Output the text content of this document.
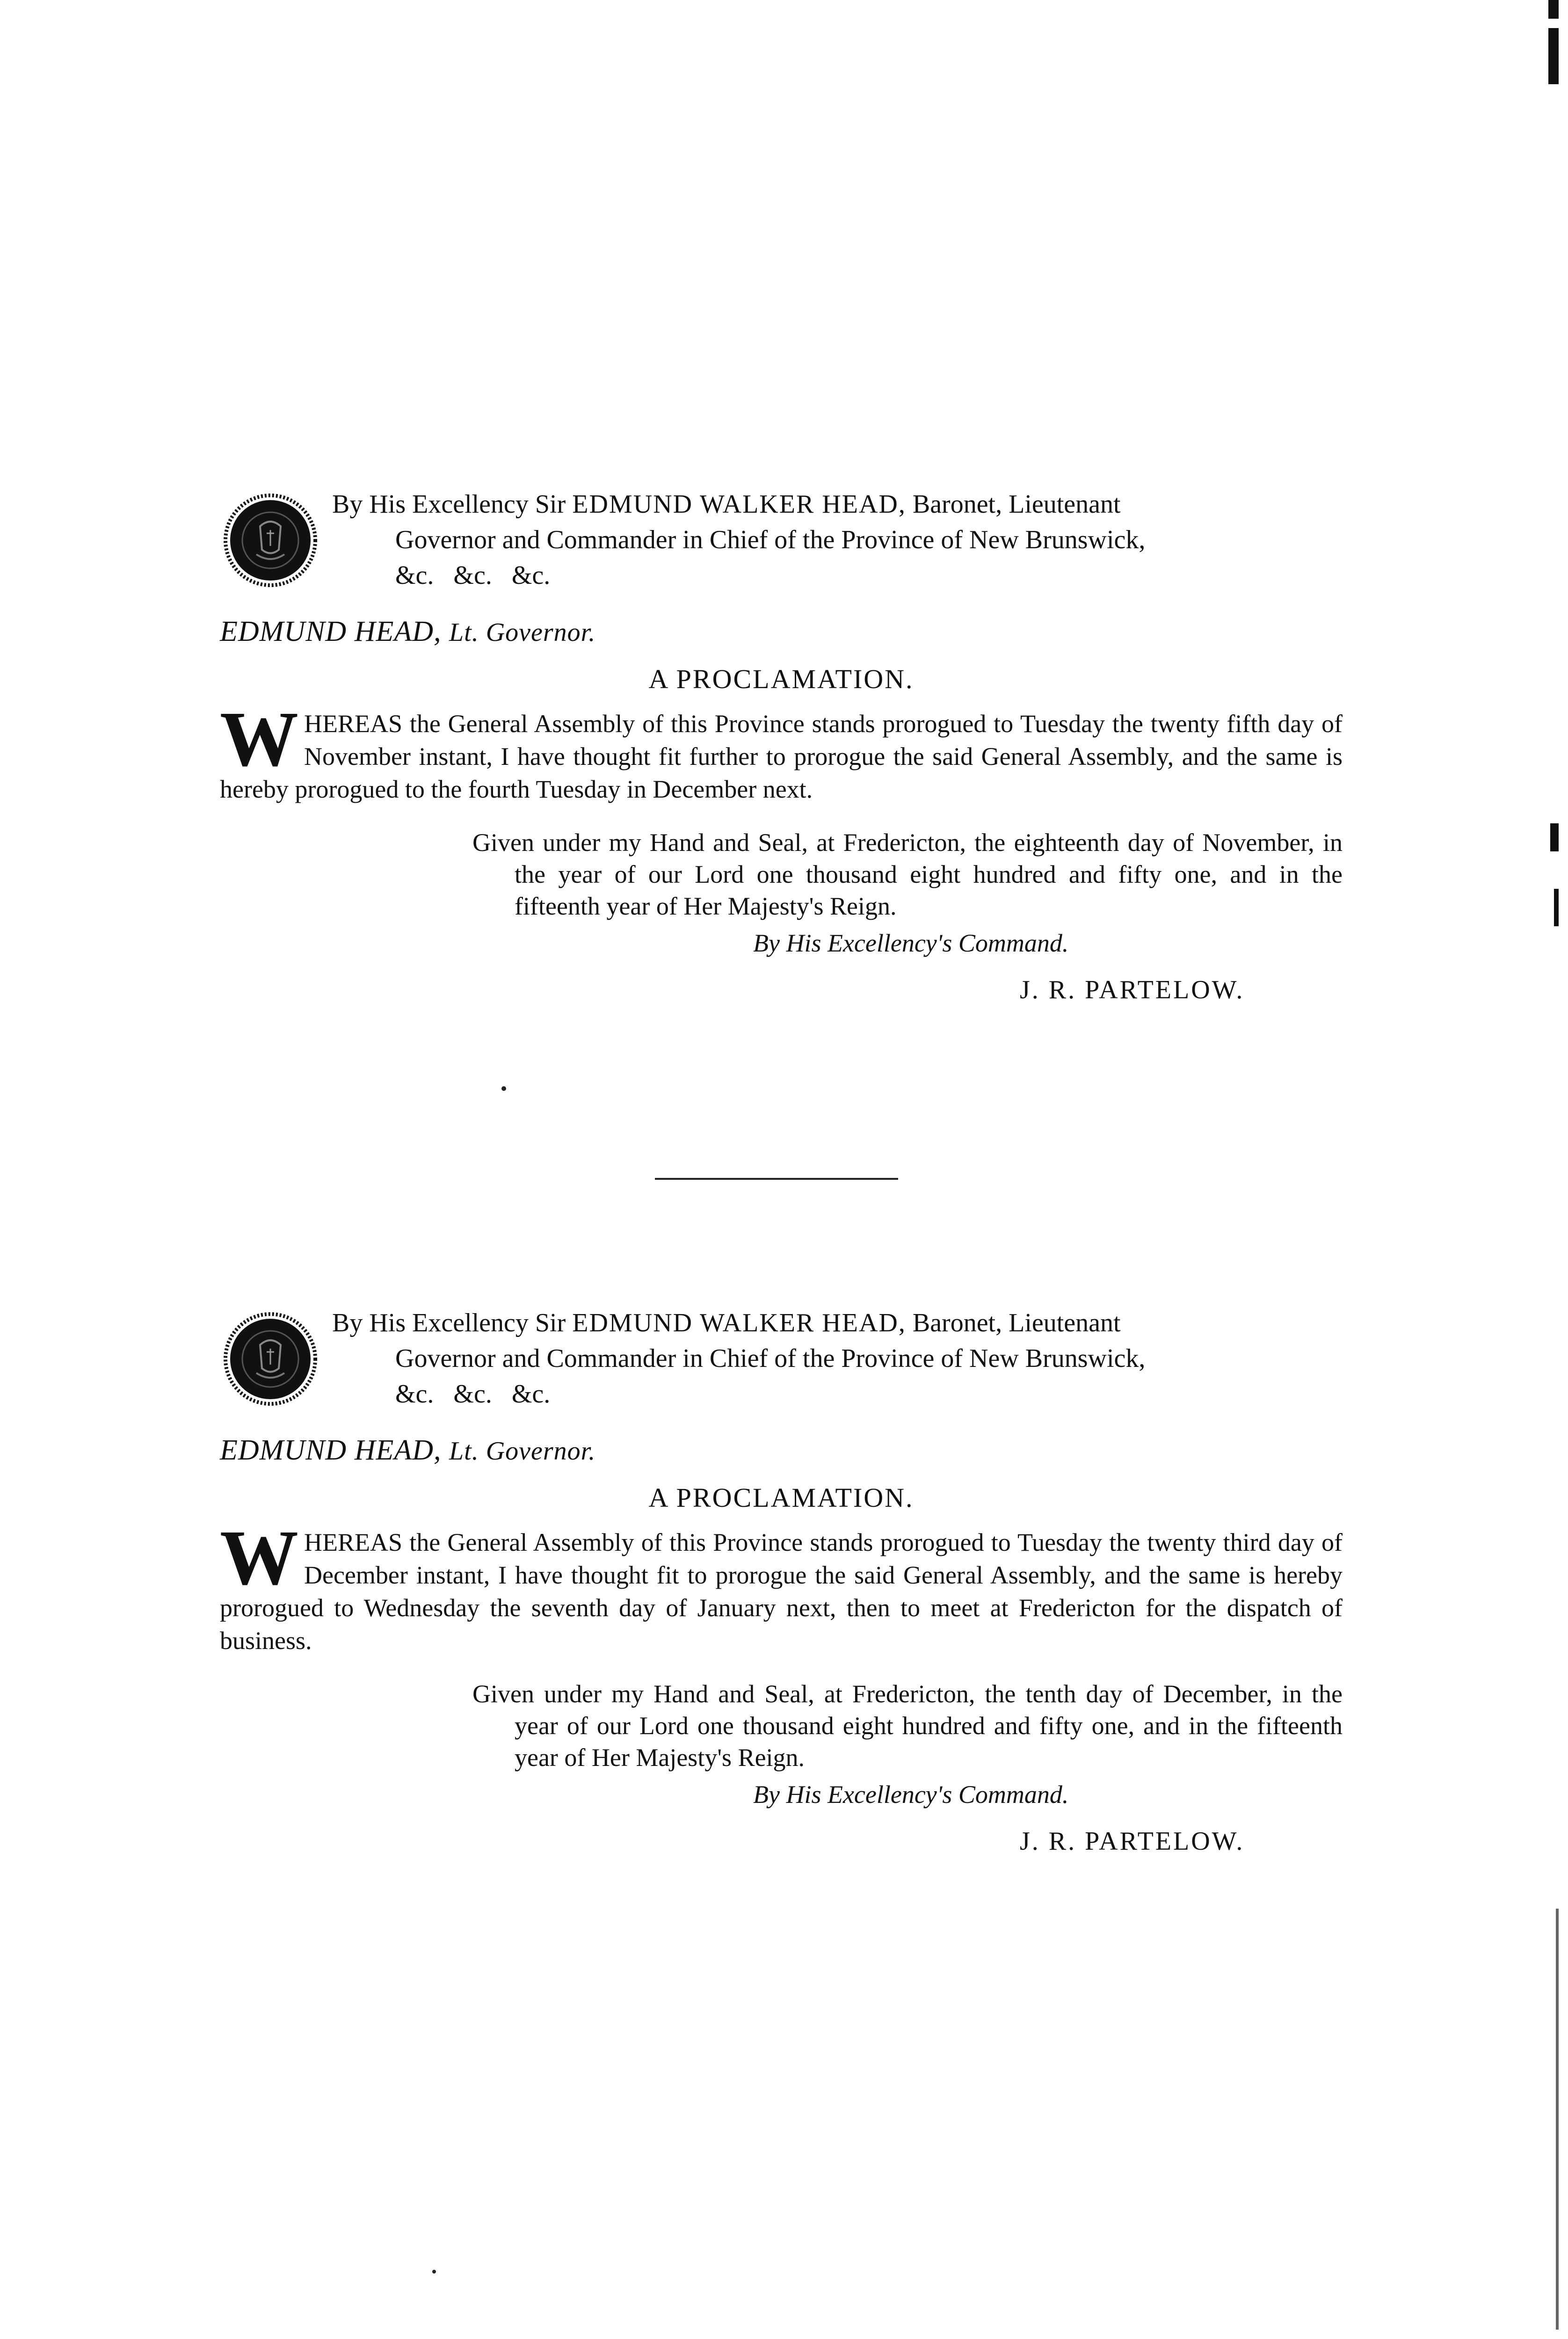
By His Excellency Sir EDMUND WALKER HEAD, Baronet, Lieutenant
Governor and Commander in Chief of the Province of New Brunswick,
&c.   &c.   &c.
EDMUND HEAD, Lt. Governor.
A PROCLAMATION.
WHEREAS the General Assembly of this Province stands prorogued to Tuesday the twenty fifth day of November instant, I have thought fit further to prorogue the said General Assembly, and the same is hereby prorogued to the fourth Tuesday in December next.
Given under my Hand and Seal, at Fredericton, the eighteenth day of November, in the year of our Lord one thousand eight hundred and fifty one, and in the fifteenth year of Her Majesty's Reign.
By His Excellency's Command.
J. R. PARTELOW.
By His Excellency Sir EDMUND WALKER HEAD, Baronet, Lieutenant
Governor and Commander in Chief of the Province of New Brunswick,
&c.   &c.   &c.
EDMUND HEAD, Lt. Governor.
A PROCLAMATION.
WHEREAS the General Assembly of this Province stands prorogued to Tuesday the twenty third day of December instant, I have thought fit to prorogue the said General Assembly, and the same is hereby prorogued to Wednesday the seventh day of January next, then to meet at Fredericton for the dispatch of business.
Given under my Hand and Seal, at Fredericton, the tenth day of December, in the year of our Lord one thousand eight hundred and fifty one, and in the fifteenth year of Her Majesty's Reign.
By His Excellency's Command.
J. R. PARTELOW.
